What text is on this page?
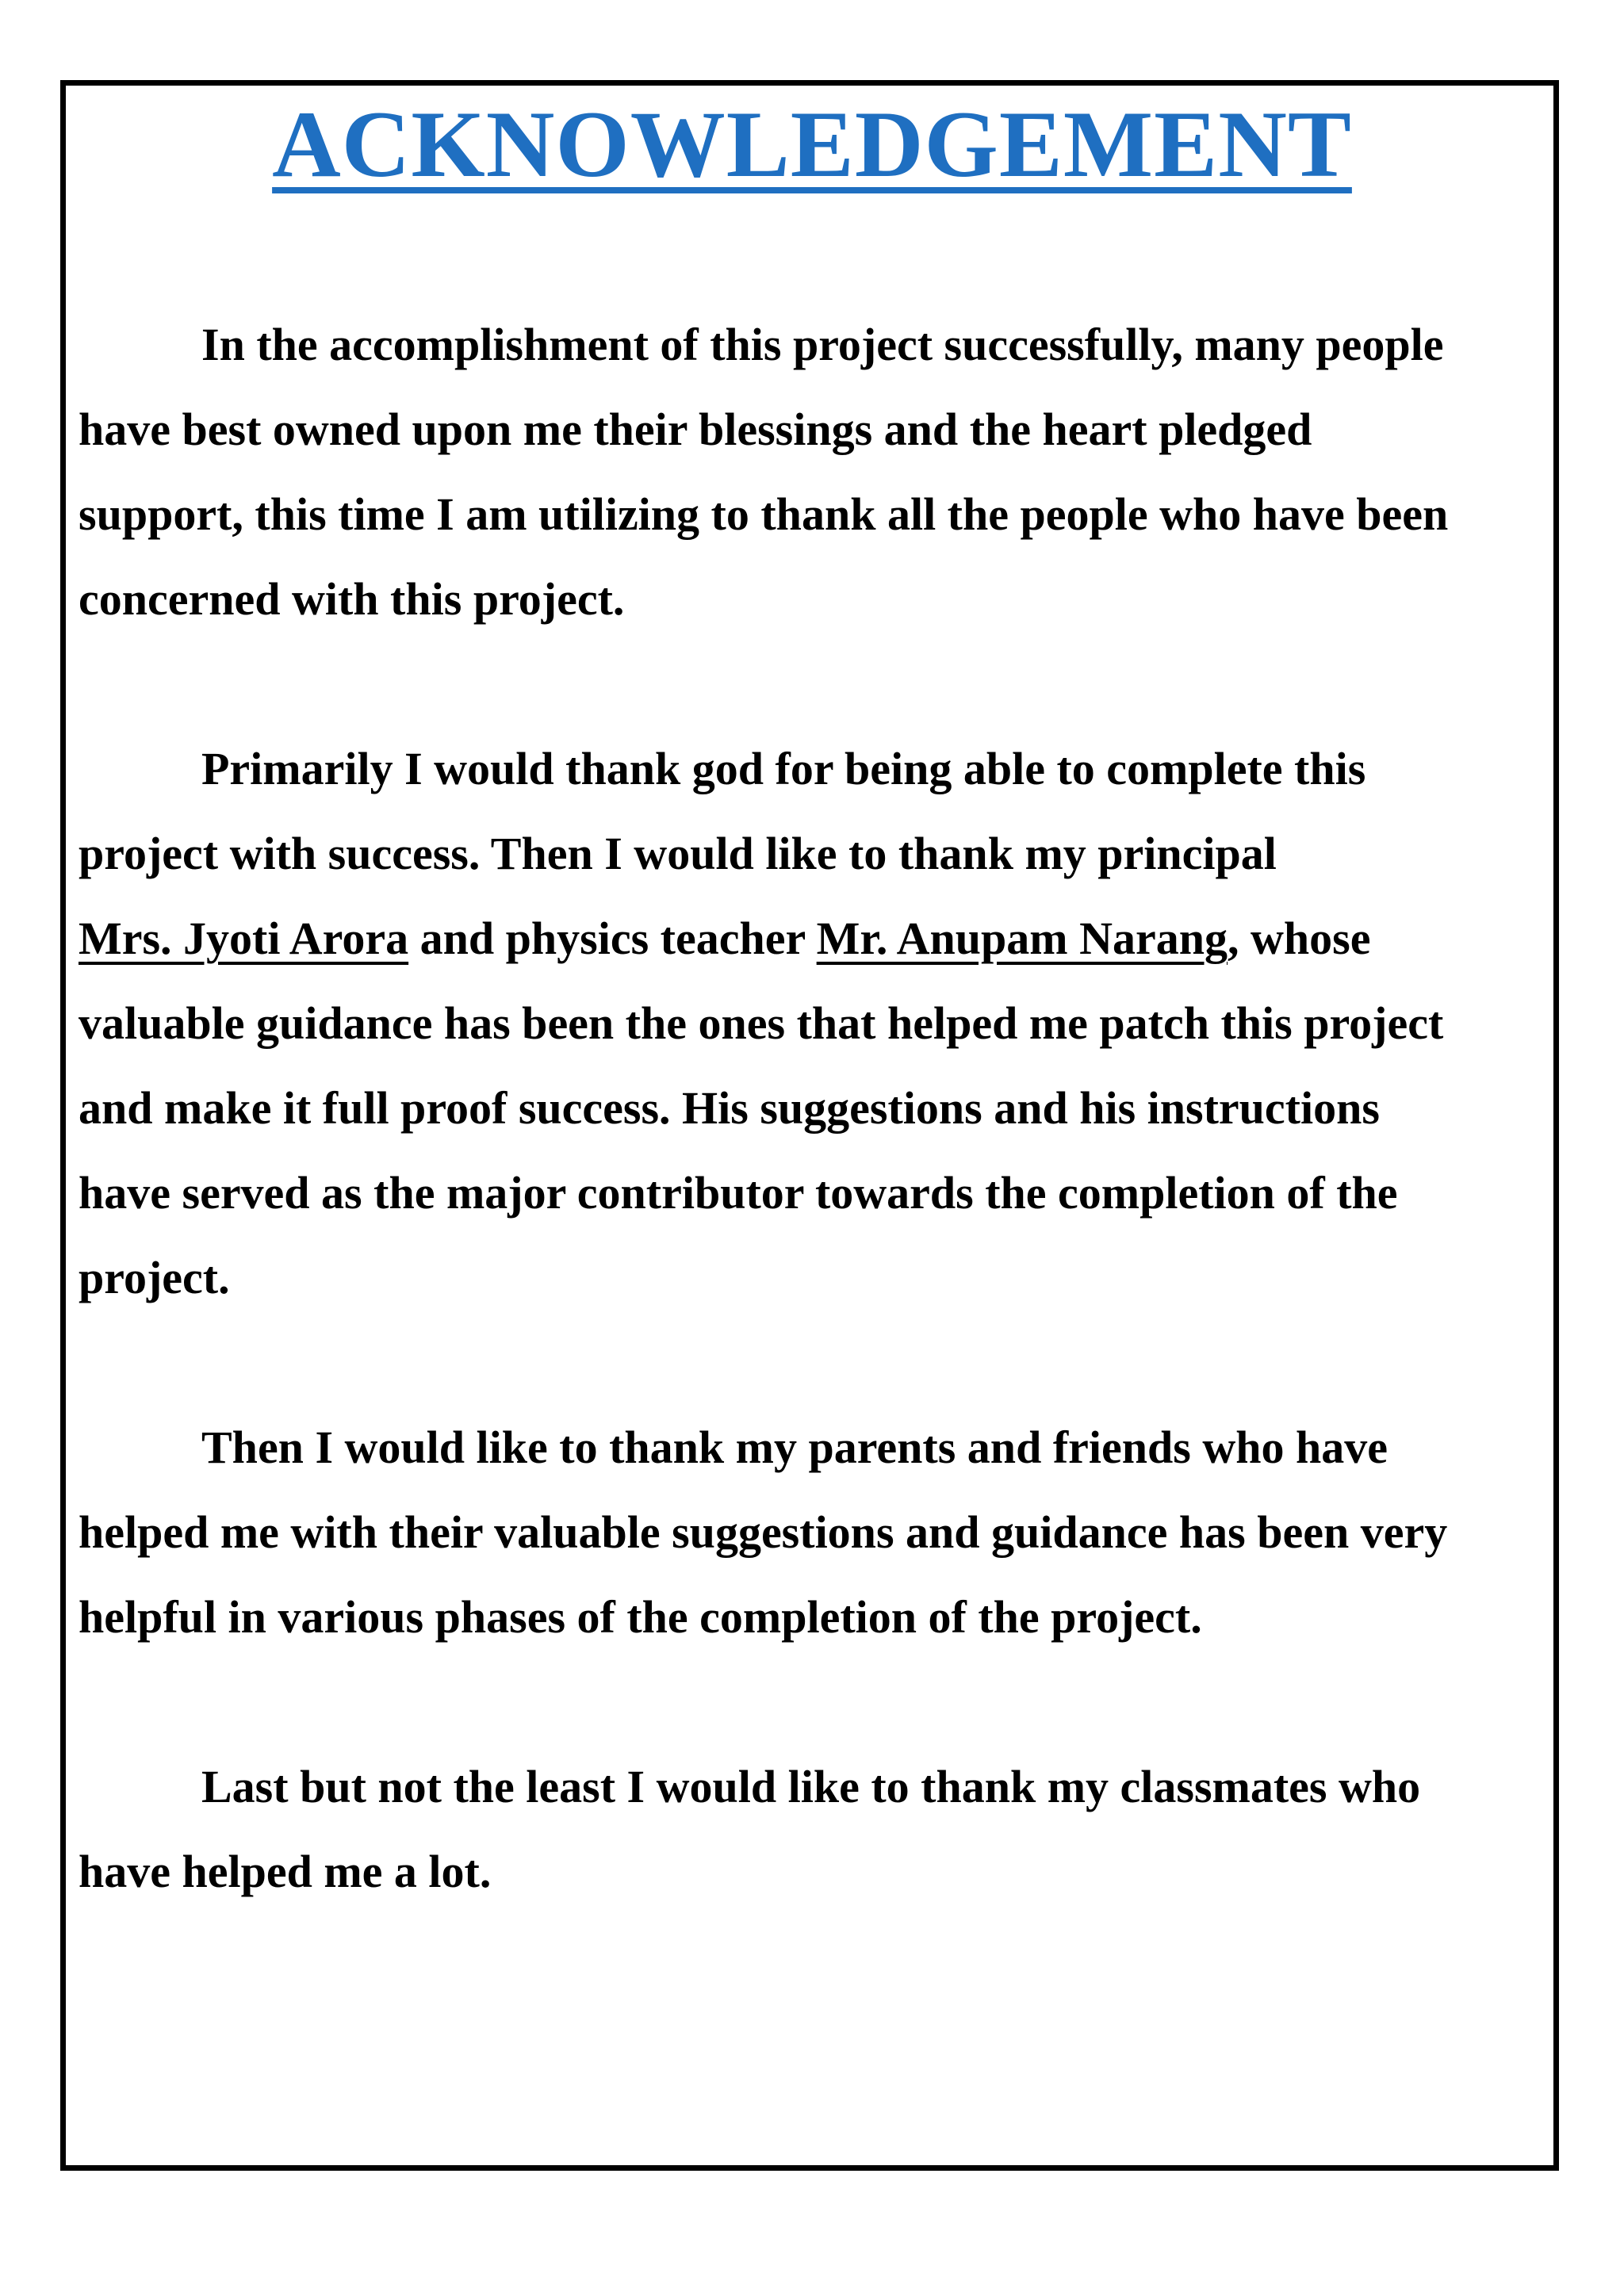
ACKNOWLEDGEMENT

In the accomplishment of this project successfully, many people
have best owned upon me their blessings and the heart pledged
support, this time I am utilizing to thank all the people who have been
concerned with this project.

Primarily I would thank god for being able to complete this
project with success. Then I would like to thank my principal
Mrs. Jyoti Arora and physics teacher Mr. Anupam Narang, whose
valuable guidance has been the ones that helped me patch this project
and make it full proof success. His suggestions and his instructions
have served as the major contributor towards the completion of the
project.

Then I would like to thank my parents and friends who have
helped me with their valuable suggestions and guidance has been very
helpful in various phases of the completion of the project.

Last but not the least I would like to thank my classmates who
have helped me a lot.
